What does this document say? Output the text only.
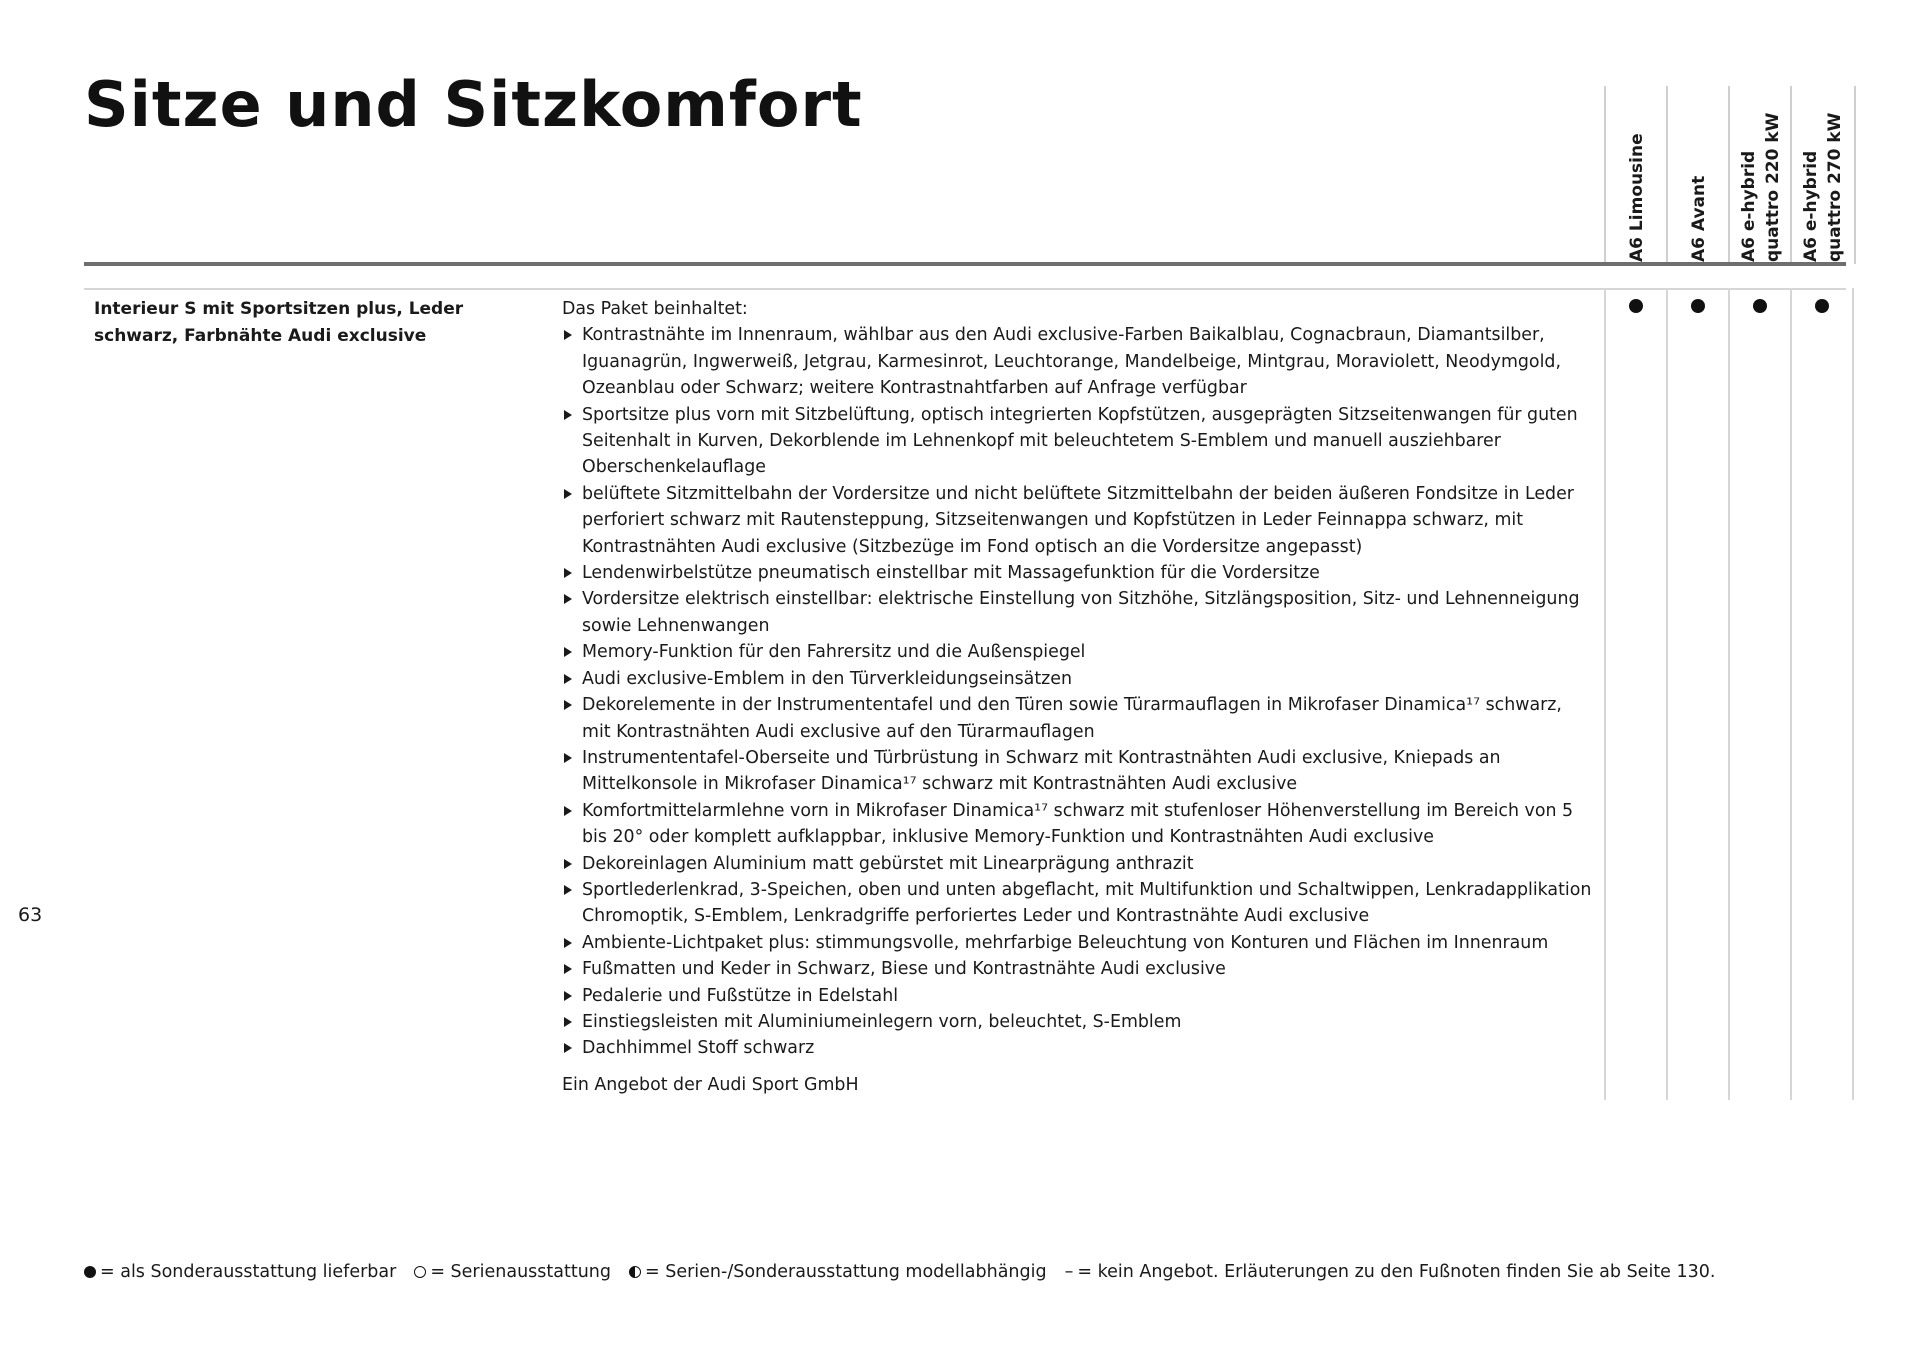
Sitze und Sitzkomfort
A6 Limousine A6 Avant A6 e-hybrid quattro 220 kW A6 e-hybrid quattro 270 kW
Interieur S mit Sportsitzen plus, Leder schwarz, Farbnähte Audi exclusive
Das Paket beinhaltet:
Kontrastnähte im Innenraum, wählbar aus den Audi exclusive-Farben Baikalblau, Cognacbraun, Diamantsilber, Iguanagrün, Ingwerweiß, Jetgrau, Karmesinrot, Leuchtorange, Mandelbeige, Mintgrau, Moraviolett, Neodymgold, Ozeanblau oder Schwarz; weitere Kontrastnahtfarben auf Anfrage verfügbar
Sportsitze plus vorn mit Sitzbelüftung, optisch integrierten Kopfstützen, ausgeprägten Sitzseitenwangen für guten Seitenhalt in Kurven, Dekorblende im Lehnenkopf mit beleuchtetem S-Emblem und manuell ausziehbarer Oberschenkelauflage
belüftete Sitzmittelbahn der Vordersitze und nicht belüftete Sitzmittelbahn der beiden äußeren Fondsitze in Leder perforiert schwarz mit Rautensteppung, Sitzseitenwangen und Kopfstützen in Leder Feinnappa schwarz, mit Kontrastnähten Audi exclusive (Sitzbezüge im Fond optisch an die Vordersitze angepasst)
Lendenwirbelstütze pneumatisch einstellbar mit Massagefunktion für die Vordersitze
Vordersitze elektrisch einstellbar: elektrische Einstellung von Sitzhöhe, Sitzlängsposition, Sitz- und Lehnenneigung sowie Lehnenwangen
Memory-Funktion für den Fahrersitz und die Außenspiegel
Audi exclusive-Emblem in den Türverkleidungseinsätzen
Dekorelemente in der Instrumententafel und den Türen sowie Türarmauflagen in Mikrofaser Dinamica¹⁷ schwarz, mit Kontrastnähten Audi exclusive auf den Türarmauflagen
Instrumententafel-Oberseite und Türbrüstung in Schwarz mit Kontrastnähten Audi exclusive, Kniepads an Mittelkonsole in Mikrofaser Dinamica¹⁷ schwarz mit Kontrastnähten Audi exclusive
Komfortmittelarmlehne vorn in Mikrofaser Dinamica¹⁷ schwarz mit stufenloser Höhenverstellung im Bereich von 5 bis 20° oder komplett aufklappbar, inklusive Memory-Funktion und Kontrastnähten Audi exclusive
Dekoreinlagen Aluminium matt gebürstet mit Linearprägung anthrazit
Sportlederlenkrad, 3-Speichen, oben und unten abgeflacht, mit Multifunktion und Schaltwippen, Lenkradapplikation Chromoptik, S-Emblem, Lenkradgriffe perforiertes Leder und Kontrastnähte Audi exclusive
Ambiente-Lichtpaket plus: stimmungsvolle, mehrfarbige Beleuchtung von Konturen und Flächen im Innenraum
Fußmatten und Keder in Schwarz, Biese und Kontrastnähte Audi exclusive
Pedalerie und Fußstütze in Edelstahl
Einstiegsleisten mit Aluminiumeinlegern vorn, beleuchtet, S-Emblem
Dachhimmel Stoff schwarz
Ein Angebot der Audi Sport GmbH
63
= als Sonderausstattung lieferbar = Serienausstattung = Serien-/Sonderausstattung modellabhängig – = kein Angebot. Erläuterungen zu den Fußnoten finden Sie ab Seite 130.
